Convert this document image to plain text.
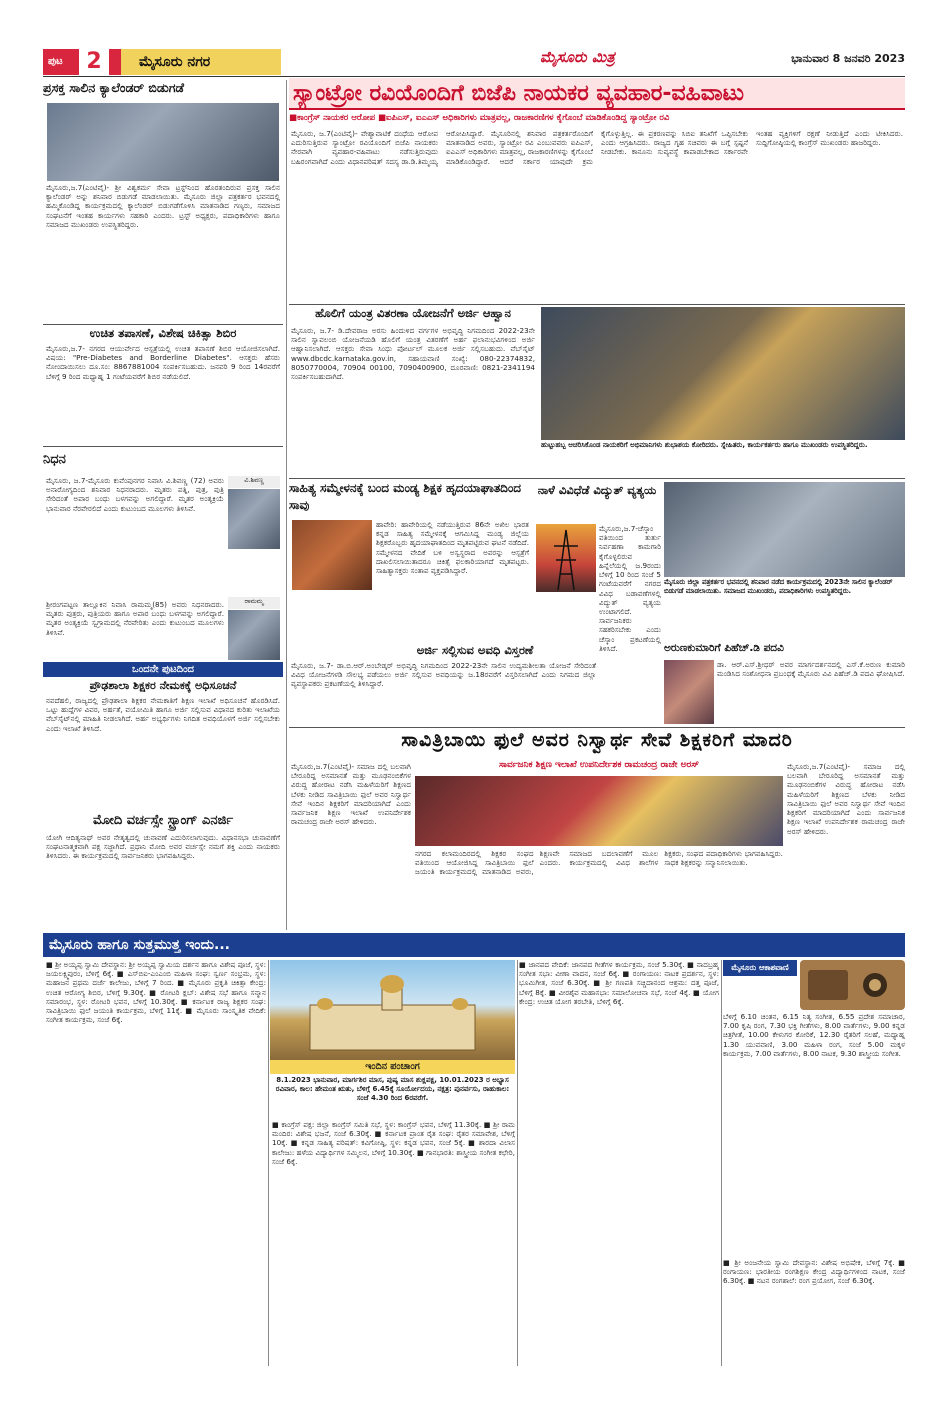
ಪುಟ	2	ಮೈಸೂರು ನಗರ	ಮೈಸೂರು ಮಿತ್ರ	ಭಾನುವಾರ 8 ಜನವರಿ 2023
ಪ್ರಸಕ್ತ ಸಾಲಿನ ಕ್ಯಾಲೆಂಡರ್ ಬಿಡುಗಡೆ
ಮೈಸೂರು,ಜ.7(ಎಂಟಿವೈ)- ಶ್ರೀ ವಿಶ್ವಕರ್ಮ ಸೇವಾ ಟ್ರಸ್ಟ್‌ನಿಂದ ಹೊರತಂದಿರುವ ಪ್ರಸಕ್ತ ಸಾಲಿನ ಕ್ಯಾಲೆಂಡರ್ ಅನ್ನು ಶನಿವಾರ ಬಿಡುಗಡೆ ಮಾಡಲಾಯಿತು. ಮೈಸೂರು ಜಿಲ್ಲಾ ಪತ್ರಕರ್ತರ ಭವನದಲ್ಲಿ ಹಮ್ಮಿಕೊಂಡಿದ್ದ ಕಾರ್ಯಕ್ರಮದಲ್ಲಿ ಕ್ಯಾಲೆಂಡರ್ ಬಿಡುಗಡೆಗೊಳಿಸಿ ಮಾತನಾಡಿದ ಗಣ್ಯರು, ಸಮಾಜದ ಸಂಘಟನೆಗೆ ಇಂತಹ ಕಾರ್ಯಗಳು ಸಹಕಾರಿ ಎಂದರು. ಟ್ರಸ್ಟ್ ಅಧ್ಯಕ್ಷರು, ಪದಾಧಿಕಾರಿಗಳು ಹಾಗೂ ಸಮಾಜದ ಮುಖಂಡರು ಉಪಸ್ಥಿತರಿದ್ದರು.
ಉಚಿತ ತಪಾಸಣೆ, ವಿಶೇಷ ಚಿಕಿತ್ಸಾ ಶಿಬಿರ
ಮೈಸೂರು,ಜ.7- ನಗರದ ಆಯುರ್ವೇದ ಆಸ್ಪತ್ರೆಯಲ್ಲಿ ಉಚಿತ ತಪಾಸಣೆ ಶಿಬಿರ ಆಯೋಜಿಸಲಾಗಿದೆ. ವಿಷಯ: "Pre-Diabetes and Borderline Diabetes". ಆಸಕ್ತರು ಹೆಸರು ನೋಂದಾಯಿಸಲು ದೂ.ಸಂ: 8867881004 ಸಂಪರ್ಕಿಸಬಹುದು. ಜನವರಿ 9 ರಿಂದ 14ರವರೆಗೆ ಬೆಳಿಗ್ಗೆ 9 ರಿಂದ ಮಧ್ಯಾಹ್ನ 1 ಗಂಟೆಯವರೆಗೆ ಶಿಬಿರ ನಡೆಯಲಿದೆ.
ನಿಧನ
ವಿ.ಶಿವಣ್ಣ
ಮೈಸೂರು, ಜ.7-ಮೈಸೂರು ಕುವೆಂಪುನಗರ ನಿವಾಸಿ ವಿ.ಶಿವಣ್ಣ (72) ಅವರು ಅನಾರೋಗ್ಯದಿಂದ ಶನಿವಾರ ನಿಧನರಾದರು. ಮೃತರು ಪತ್ನಿ, ಪುತ್ರ, ಪುತ್ರಿ ಸೇರಿದಂತೆ ಅಪಾರ ಬಂಧು ಬಳಗವನ್ನು ಅಗಲಿದ್ದಾರೆ. ಮೃತರ ಅಂತ್ಯಕ್ರಿಯೆ ಭಾನುವಾರ ನೆರವೇರಲಿದೆ ಎಂದು ಕುಟುಂಬದ ಮೂಲಗಳು ತಿಳಿಸಿವೆ.
ರಾಮಮ್ಮ
ಶ್ರೀರಂಗಪಟ್ಟಣ ತಾಲ್ಲೂಕಿನ ನಿವಾಸಿ ರಾಮಮ್ಮ(85) ಅವರು ನಿಧನರಾದರು. ಮೃತರು ಪುತ್ರರು, ಪುತ್ರಿಯರು ಹಾಗೂ ಅಪಾರ ಬಂಧು ಬಳಗವನ್ನು ಅಗಲಿದ್ದಾರೆ. ಮೃತರ ಅಂತ್ಯಕ್ರಿಯೆ ಸ್ವಗ್ರಾಮದಲ್ಲಿ ನೆರವೇರಿತು ಎಂದು ಕುಟುಂಬದ ಮೂಲಗಳು ತಿಳಿಸಿವೆ.
ಒಂದನೇ ಪುಟದಿಂದ
ಪ್ರೌಢಶಾಲಾ ಶಿಕ್ಷಕರ ನೇಮಕಕ್ಕೆ ಅಧಿಸೂಚನೆ
ನವದೆಹಲಿ, ರಾಜ್ಯದಲ್ಲಿ ಪ್ರೌಢಶಾಲಾ ಶಿಕ್ಷಕರ ನೇಮಕಾತಿಗೆ ಶಿಕ್ಷಣ ಇಲಾಖೆ ಅಧಿಸೂಚನೆ ಹೊರಡಿಸಿದೆ. ಒಟ್ಟು ಹುದ್ದೆಗಳ ವಿವರ, ಅರ್ಹತೆ, ವಯೋಮಿತಿ ಹಾಗೂ ಅರ್ಜಿ ಸಲ್ಲಿಸುವ ವಿಧಾನದ ಕುರಿತು ಇಲಾಖೆಯ ವೆಬ್‌ಸೈಟ್‌ನಲ್ಲಿ ಮಾಹಿತಿ ನೀಡಲಾಗಿದೆ. ಅರ್ಹ ಅಭ್ಯರ್ಥಿಗಳು ನಿಗದಿತ ಅವಧಿಯೊಳಗೆ ಅರ್ಜಿ ಸಲ್ಲಿಸಬೇಕು ಎಂದು ಇಲಾಖೆ ತಿಳಿಸಿದೆ.
ಮೋದಿ ವರ್ಚಸ್ಸೇ ಸ್ಟ್ರಾಂಗ್ ಎನರ್ಜಿ
ಯೋಗಿ ಆದಿತ್ಯನಾಥ್ ಅವರ ನೇತೃತ್ವದಲ್ಲಿ ಚುನಾವಣೆ ಎದುರಿಸಲಾಗುವುದು. ವಿಧಾನಸಭಾ ಚುನಾವಣೆಗೆ ಸಂಘಟನಾತ್ಮಕವಾಗಿ ಪಕ್ಷ ಸಜ್ಜಾಗಿದೆ. ಪ್ರಧಾನಿ ಮೋದಿ ಅವರ ವರ್ಚಸ್ಸೇ ನಮಗೆ ಶಕ್ತಿ ಎಂದು ನಾಯಕರು ತಿಳಿಸಿದರು. ಈ ಕಾರ್ಯಕ್ರಮದಲ್ಲಿ ಸಾರ್ವಜನಿಕರು ಭಾಗವಹಿಸಿದ್ದರು.
ಸ್ಯಾಂಟ್ರೋ ರವಿಯೊಂದಿಗೆ ಬಿಜೆಪಿ ನಾಯಕರ ವ್ಯವಹಾರ-ವಹಿವಾಟು
■ಕಾಂಗ್ರೆಸ್ ನಾಯಕರ ಆರೋಪ ■ಐಪಿಎಸ್, ಐಎಎಸ್ ಅಧಿಕಾರಿಗಳು ಮಾತ್ರವಲ್ಲ, ರಾಜಕಾರಣಿಗಳ ಕೈಗೊಂಬೆ ಮಾಡಿಕೊಂಡಿದ್ದ ಸ್ಯಾಂಟ್ರೋ ರವಿ
ಮೈಸೂರು, ಜ.7(ಎಂಟಿವೈ)- ವೇಶ್ಯಾವಾಟಿಕೆ ದಂಧೆಯ ಆರೋಪ ಎದುರಿಸುತ್ತಿರುವ ಸ್ಯಾಂಟ್ರೋ ರವಿಯೊಂದಿಗೆ ಬಿಜೆಪಿ ನಾಯಕರು ನೇರವಾಗಿ ವ್ಯವಹಾರ-ವಹಿವಾಟು ನಡೆಸುತ್ತಿರುವುದು ಬಹಿರಂಗವಾಗಿದೆ ಎಂದು ವಿಧಾನಪರಿಷತ್ ಸದಸ್ಯ ಡಾ.ಡಿ.ತಿಮ್ಮಯ್ಯ ಆರೋಪಿಸಿದ್ದಾರೆ. ಮೈಸೂರಿನಲ್ಲಿ ಶನಿವಾರ ಪತ್ರಕರ್ತರೊಂದಿಗೆ ಮಾತನಾಡಿದ ಅವರು, ಸ್ಯಾಂಟ್ರೋ ರವಿ ಎಂಬುವವರು ಐಪಿಎಸ್, ಐಎಎಸ್ ಅಧಿಕಾರಿಗಳು ಮಾತ್ರವಲ್ಲ, ರಾಜಕಾರಣಿಗಳನ್ನು ಕೈಗೊಂಬೆ ಮಾಡಿಕೊಂಡಿದ್ದಾರೆ. ಆದರೆ ಸರ್ಕಾರ ಯಾವುದೇ ಕ್ರಮ ಕೈಗೊಳ್ಳುತ್ತಿಲ್ಲ. ಈ ಪ್ರಕರಣವನ್ನು ಸಿಬಿಐ ತನಿಖೆಗೆ ಒಪ್ಪಿಸಬೇಕು ಎಂದು ಆಗ್ರಹಿಸಿದರು. ರಾಜ್ಯದ ಗೃಹ ಸಚಿವರು ಈ ಬಗ್ಗೆ ಸ್ಪಷ್ಟನೆ ನೀಡಬೇಕು. ಕಾನೂನು ಸುವ್ಯವಸ್ಥೆ ಕಾಪಾಡಬೇಕಾದ ಸರ್ಕಾರವೇ ಇಂತಹ ವ್ಯಕ್ತಿಗಳಿಗೆ ರಕ್ಷಣೆ ನೀಡುತ್ತಿದೆ ಎಂದು ಟೀಕಿಸಿದರು. ಸುದ್ದಿಗೋಷ್ಠಿಯಲ್ಲಿ ಕಾಂಗ್ರೆಸ್ ಮುಖಂಡರು ಹಾಜರಿದ್ದರು.
ಹೊಲಿಗೆ ಯಂತ್ರ ವಿತರಣಾ ಯೋಜನೆಗೆ ಅರ್ಜಿ ಆಹ್ವಾನ
ಮೈಸೂರು, ಜ.7- ಡಿ.ದೇವರಾಜ ಅರಸು ಹಿಂದುಳಿದ ವರ್ಗಗಳ ಅಭಿವೃದ್ಧಿ ನಿಗಮದಿಂದ 2022-23ನೇ ಸಾಲಿನ ಸ್ವಾವಲಂಬಿ ಯೋಜನೆಯಡಿ ಹೊಲಿಗೆ ಯಂತ್ರ ವಿತರಣೆಗೆ ಅರ್ಹ ಫಲಾನುಭವಿಗಳಿಂದ ಅರ್ಜಿ ಆಹ್ವಾನಿಸಲಾಗಿದೆ. ಆಸಕ್ತರು ಸೇವಾ ಸಿಂಧು ಪೋರ್ಟಲ್ ಮೂಲಕ ಅರ್ಜಿ ಸಲ್ಲಿಸಬಹುದು. ವೆಬ್‌ಸೈಟ್ www.dbcdc.karnataka.gov.in, ಸಹಾಯವಾಣಿ ಸಂಖ್ಯೆ: 080-22374832, 8050770004, 70904 00100, 7090400900, ದೂರವಾಣಿ: 0821-2341194 ಸಂಪರ್ಕಿಸಬಹುದಾಗಿದೆ.
ಹುಟ್ಟುಹಬ್ಬ ಆಚರಿಸಿಕೊಂಡ ನಾಯಕರಿಗೆ ಅಭಿಮಾನಿಗಳು ಶುಭಾಶಯ ಕೋರಿದರು. ಸ್ನೇಹಿತರು, ಕಾರ್ಯಕರ್ತರು ಹಾಗೂ ಮುಖಂಡರು ಉಪಸ್ಥಿತರಿದ್ದರು.
ಸಾಹಿತ್ಯ ಸಮ್ಮೇಳನಕ್ಕೆ ಬಂದ ಮಂಡ್ಯ ಶಿಕ್ಷಕ ಹೃದಯಾಘಾತದಿಂದ ಸಾವು
ಹಾವೇರಿ: ಹಾವೇರಿಯಲ್ಲಿ ನಡೆಯುತ್ತಿರುವ 86ನೇ ಅಖಿಲ ಭಾರತ ಕನ್ನಡ ಸಾಹಿತ್ಯ ಸಮ್ಮೇಳನಕ್ಕೆ ಆಗಮಿಸಿದ್ದ ಮಂಡ್ಯ ಜಿಲ್ಲೆಯ ಶಿಕ್ಷಕರೊಬ್ಬರು ಹೃದಯಾಘಾತದಿಂದ ಮೃತಪಟ್ಟಿರುವ ಘಟನೆ ನಡೆದಿದೆ. ಸಮ್ಮೇಳನದ ವೇದಿಕೆ ಬಳಿ ಅಸ್ವಸ್ಥರಾದ ಅವರನ್ನು ಆಸ್ಪತ್ರೆಗೆ ದಾಖಲಿಸಲಾಯಿತಾದರೂ ಚಿಕಿತ್ಸೆ ಫಲಕಾರಿಯಾಗದೆ ಮೃತಪಟ್ಟರು. ಸಾಹಿತ್ಯಾಸಕ್ತರು ಸಂತಾಪ ವ್ಯಕ್ತಪಡಿಸಿದ್ದಾರೆ.
ನಾಳೆ ವಿವಿಧೆಡೆ ವಿದ್ಯುತ್ ವ್ಯತ್ಯಯ
ಮೈಸೂರು,ಜ.7-ಚೆಸ್ಕಾಂ ವತಿಯಿಂದ ತುರ್ತು ನಿರ್ವಹಣಾ ಕಾಮಗಾರಿ ಕೈಗೊಳ್ಳಲಿರುವ ಹಿನ್ನೆಲೆಯಲ್ಲಿ ಜ.9ರಂದು ಬೆಳಿಗ್ಗೆ 10 ರಿಂದ ಸಂಜೆ 5 ಗಂಟೆಯವರೆಗೆ ನಗರದ ವಿವಿಧ ಬಡಾವಣೆಗಳಲ್ಲಿ ವಿದ್ಯುತ್ ವ್ಯತ್ಯಯ ಉಂಟಾಗಲಿದೆ. ಸಾರ್ವಜನಿಕರು ಸಹಕರಿಸಬೇಕು ಎಂದು ಚೆಸ್ಕಾಂ ಪ್ರಕಟಣೆಯಲ್ಲಿ ತಿಳಿಸಿದೆ.
ಮೈಸೂರು ಜಿಲ್ಲಾ ಪತ್ರಕರ್ತರ ಭವನದಲ್ಲಿ ಶನಿವಾರ ನಡೆದ ಕಾರ್ಯಕ್ರಮದಲ್ಲಿ 2023ನೇ ಸಾಲಿನ ಕ್ಯಾಲೆಂಡರ್ ಬಿಡುಗಡೆ ಮಾಡಲಾಯಿತು. ಸಮಾಜದ ಮುಖಂಡರು, ಪದಾಧಿಕಾರಿಗಳು ಉಪಸ್ಥಿತರಿದ್ದರು.
ಅರ್ಜಿ ಸಲ್ಲಿಸುವ ಅವಧಿ ವಿಸ್ತರಣೆ
ಮೈಸೂರು, ಜ.7- ಡಾ.ಬಿ.ಆರ್.ಅಂಬೇಡ್ಕರ್ ಅಭಿವೃದ್ಧಿ ನಿಗಮದಿಂದ 2022-23ನೇ ಸಾಲಿನ ಉದ್ಯಮಶೀಲತಾ ಯೋಜನೆ ಸೇರಿದಂತೆ ವಿವಿಧ ಯೋಜನೆಗಳಡಿ ಸೌಲಭ್ಯ ಪಡೆಯಲು ಅರ್ಜಿ ಸಲ್ಲಿಸುವ ಅವಧಿಯನ್ನು ಜ.18ರವರೆಗೆ ವಿಸ್ತರಿಸಲಾಗಿದೆ ಎಂದು ನಿಗಮದ ಜಿಲ್ಲಾ ವ್ಯವಸ್ಥಾಪಕರು ಪ್ರಕಟಣೆಯಲ್ಲಿ ತಿಳಿಸಿದ್ದಾರೆ.
ಅರುಣಕುಮಾರಿಗೆ ಪಿಹೆಚ್.ಡಿ ಪದವಿ
ಡಾ. ಆರ್.ಎಸ್.ಶ್ರೀಧರ್ ಅವರ ಮಾರ್ಗದರ್ಶನದಲ್ಲಿ ಎಸ್.ಕೆ.ಅರುಣ ಕುಮಾರಿ ಮಂಡಿಸಿದ ಸಂಶೋಧನಾ ಪ್ರಬಂಧಕ್ಕೆ ಮೈಸೂರು ವಿವಿ ಪಿಹೆಚ್.ಡಿ ಪದವಿ ಘೋಷಿಸಿದೆ.
ಸಾವಿತ್ರಿಬಾಯಿ ಫುಲೆ ಅವರ ನಿಸ್ವಾರ್ಥ ಸೇವೆ ಶಿಕ್ಷಕರಿಗೆ ಮಾದರಿ
ಮೈಸೂರು,ಜ.7(ಎಂಟಿವೈ)- ಸಮಾಜ ದಲ್ಲಿ ಬಲವಾಗಿ ಬೇರೂರಿದ್ದ ಅಸಮಾನತೆ ಮತ್ತು ಮೂಢನಂಬಿಕೆಗಳ ವಿರುದ್ಧ ಹೋರಾಟ ನಡೆಸಿ ಮಹಿಳೆಯರಿಗೆ ಶಿಕ್ಷಣದ ಬೆಳಕು ನೀಡಿದ ಸಾವಿತ್ರಿಬಾಯಿ ಫುಲೆ ಅವರ ನಿಸ್ವಾರ್ಥ ಸೇವೆ ಇಂದಿನ ಶಿಕ್ಷಕರಿಗೆ ಮಾದರಿಯಾಗಿದೆ ಎಂದು ಸಾರ್ವಜನಿಕ ಶಿಕ್ಷಣ ಇಲಾಖೆ ಉಪನಿರ್ದೇಶಕ ರಾಮಚಂದ್ರ ರಾಜೇ ಅರಸ್ ಹೇಳಿದರು.
ಸಾರ್ವಜನಿಕ ಶಿಕ್ಷಣ ಇಲಾಖೆ ಉಪನಿರ್ದೇಶಕ ರಾಮಚಂದ್ರ ರಾಜೇ ಅರಸ್
ನಗರದ ಕಲಾಮಂದಿರದಲ್ಲಿ ಶಿಕ್ಷಕರ ಸಂಘದ ವತಿಯಿಂದ ಆಯೋಜಿಸಿದ್ದ ಸಾವಿತ್ರಿಬಾಯಿ ಫುಲೆ ಜಯಂತಿ ಕಾರ್ಯಕ್ರಮದಲ್ಲಿ ಮಾತನಾಡಿದ ಅವರು, ಶಿಕ್ಷಣವೇ ಸಮಾಜದ ಬದಲಾವಣೆಗೆ ಮೂಲ ಎಂದರು. ಕಾರ್ಯಕ್ರಮದಲ್ಲಿ ವಿವಿಧ ಶಾಲೆಗಳ ಶಿಕ್ಷಕರು, ಸಂಘದ ಪದಾಧಿಕಾರಿಗಳು ಭಾಗವಹಿಸಿದ್ದರು. ಸಾಧಕ ಶಿಕ್ಷಕರನ್ನು ಸನ್ಮಾನಿಸಲಾಯಿತು.
ಮೈಸೂರು,ಜ.7(ಎಂಟಿವೈ)- ಸಮಾಜ ದಲ್ಲಿ ಬಲವಾಗಿ ಬೇರೂರಿದ್ದ ಅಸಮಾನತೆ ಮತ್ತು ಮೂಢನಂಬಿಕೆಗಳ ವಿರುದ್ಧ ಹೋರಾಟ ನಡೆಸಿ ಮಹಿಳೆಯರಿಗೆ ಶಿಕ್ಷಣದ ಬೆಳಕು ನೀಡಿದ ಸಾವಿತ್ರಿಬಾಯಿ ಫುಲೆ ಅವರ ನಿಸ್ವಾರ್ಥ ಸೇವೆ ಇಂದಿನ ಶಿಕ್ಷಕರಿಗೆ ಮಾದರಿಯಾಗಿದೆ ಎಂದು ಸಾರ್ವಜನಿಕ ಶಿಕ್ಷಣ ಇಲಾಖೆ ಉಪನಿರ್ದೇಶಕ ರಾಮಚಂದ್ರ ರಾಜೇ ಅರಸ್ ಹೇಳಿದರು.
ಮೈಸೂರು ಹಾಗೂ ಸುತ್ತಮುತ್ತ ಇಂದು...
■ ಶ್ರೀ ಅಯ್ಯಪ್ಪ ಸ್ವಾಮಿ ದೇವಸ್ಥಾನ: ಶ್ರೀ ಅಯ್ಯಪ್ಪ ಸ್ವಾಮಿಯ ದರ್ಶನ ಹಾಗೂ ವಿಶೇಷ ಪೂಜೆ, ಸ್ಥಳ: ಜಯಲಕ್ಷ್ಮಿಪುರಂ, ಬೆಳಿಗ್ಗೆ 6ಕ್ಕೆ. ■ ಎಸ್‌ಬಿಐ-ಎಂಎಂಬಿ ಮಹಿಳಾ ಸಂಘ: ಸ್ವರ್ಣ ಸಂಭ್ರಮ, ಸ್ಥಳ: ಮಹಾಜನ ಪ್ರಥಮ ದರ್ಜೆ ಕಾಲೇಜು, ಬೆಳಿಗ್ಗೆ 7 ರಿಂದ. ■ ಮೈಸೂರು ಪ್ರಕೃತಿ ಚಿಕಿತ್ಸಾ ಕೇಂದ್ರ: ಉಚಿತ ಆರೋಗ್ಯ ಶಿಬಿರ, ಬೆಳಿಗ್ಗೆ 9.30ಕ್ಕೆ. ■ ರೋಟರಿ ಕ್ಲಬ್: ವಿಶೇಷ ಸಭೆ ಹಾಗೂ ಸನ್ಮಾನ ಸಮಾರಂಭ, ಸ್ಥಳ: ರೋಟರಿ ಭವನ, ಬೆಳಿಗ್ಗೆ 10.30ಕ್ಕೆ. ■ ಕರ್ನಾಟಕ ರಾಜ್ಯ ಶಿಕ್ಷಕರ ಸಂಘ: ಸಾವಿತ್ರಿಬಾಯಿ ಫುಲೆ ಜಯಂತಿ ಕಾರ್ಯಕ್ರಮ, ಬೆಳಿಗ್ಗೆ 11ಕ್ಕೆ. ■ ಮೈಸೂರು ಸಾಂಸ್ಕೃತಿಕ ವೇದಿಕೆ: ಸಂಗೀತ ಕಾರ್ಯಕ್ರಮ, ಸಂಜೆ 6ಕ್ಕೆ.
ಇಂದಿನ ಪಂಚಾಂಗ
8.1.2023 ಭಾನುವಾರ, ಮಾರ್ಗಶಿರ ಮಾಸ, ಪುಷ್ಯ ಮಾಸ ಶುಕ್ಲಪಕ್ಷ, 10.01.2023 ರ ಅಭ್ಯಾಸ ರವಿವಾರ, ಕಾಲ: ಹೇಮಂತ ಋತು, ಬೆಳಿಗ್ಗೆ 6.45ಕ್ಕೆ ಸೂರ್ಯೋದಯ, ನಕ್ಷತ್ರ: ಪುನರ್ವಸು, ರಾಹುಕಾಲ: ಸಂಜೆ 4.30 ರಿಂದ 6ರವರೆಗೆ.
■ ಕಾಂಗ್ರೆಸ್ ಪಕ್ಷ: ಜಿಲ್ಲಾ ಕಾಂಗ್ರೆಸ್ ಸಮಿತಿ ಸಭೆ, ಸ್ಥಳ: ಕಾಂಗ್ರೆಸ್ ಭವನ, ಬೆಳಿಗ್ಗೆ 11.30ಕ್ಕೆ. ■ ಶ್ರೀ ರಾಮ ಮಂದಿರ: ವಿಶೇಷ ಭಜನೆ, ಸಂಜೆ 6.30ಕ್ಕೆ. ■ ಕರ್ನಾಟಕ ಪ್ರಾಂತ ರೈತ ಸಂಘ: ರೈತರ ಸಮಾವೇಶ, ಬೆಳಿಗ್ಗೆ 10ಕ್ಕೆ. ■ ಕನ್ನಡ ಸಾಹಿತ್ಯ ಪರಿಷತ್: ಕವಿಗೋಷ್ಠಿ, ಸ್ಥಳ: ಕನ್ನಡ ಭವನ, ಸಂಜೆ 5ಕ್ಕೆ. ■ ಶಾರದಾ ವಿಲಾಸ ಕಾಲೇಜು: ಹಳೆಯ ವಿದ್ಯಾರ್ಥಿಗಳ ಸಮ್ಮಿಲನ, ಬೆಳಿಗ್ಗೆ 10.30ಕ್ಕೆ. ■ ಗಾನಭಾರತಿ: ಶಾಸ್ತ್ರೀಯ ಸಂಗೀತ ಕಛೇರಿ, ಸಂಜೆ 6ಕ್ಕೆ.
■ ಜಾನಪದ ವೇದಿಕೆ: ಜಾನಪದ ಗೀತೆಗಳ ಕಾರ್ಯಕ್ರಮ, ಸಂಜೆ 5.30ಕ್ಕೆ. ■ ನಾದಬ್ರಹ್ಮ ಸಂಗೀತ ಸಭಾ: ವೀಣಾ ವಾದನ, ಸಂಜೆ 6ಕ್ಕೆ. ■ ರಂಗಾಯಣ: ನಾಟಕ ಪ್ರದರ್ಶನ, ಸ್ಥಳ: ಭೂಮಿಗೀತ, ಸಂಜೆ 6.30ಕ್ಕೆ. ■ ಶ್ರೀ ಗಣಪತಿ ಸಚ್ಚಿದಾನಂದ ಆಶ್ರಮ: ದತ್ತ ಪೂಜೆ, ಬೆಳಿಗ್ಗೆ 8ಕ್ಕೆ. ■ ವೀರಶೈವ ಮಹಾಸಭಾ: ಸಮಾಲೋಚನಾ ಸಭೆ, ಸಂಜೆ 4ಕ್ಕೆ. ■ ಯೋಗ ಕೇಂದ್ರ: ಉಚಿತ ಯೋಗ ತರಬೇತಿ, ಬೆಳಿಗ್ಗೆ 6ಕ್ಕೆ.
ಮೈಸೂರು ಆಕಾಶವಾಣಿ
ಬೆಳಿಗ್ಗೆ 6.10 ಚಿಂತನ, 6.15 ನಿತ್ಯ ಸಂಗೀತ, 6.55 ಪ್ರದೇಶ ಸಮಾಚಾರ, 7.00 ಕೃಷಿ ರಂಗ, 7.30 ಭಕ್ತಿ ಗೀತೆಗಳು, 8.00 ವಾರ್ತೆಗಳು, 9.00 ಕನ್ನಡ ಚಿತ್ರಗೀತೆ, 10.00 ಕೇಳುಗರ ಕೋರಿಕೆ, 12.30 ರೈತರಿಗೆ ಸಲಹೆ, ಮಧ್ಯಾಹ್ನ 1.30 ಯುವವಾಣಿ, 3.00 ಮಹಿಳಾ ರಂಗ, ಸಂಜೆ 5.00 ಮಕ್ಕಳ ಕಾರ್ಯಕ್ರಮ, 7.00 ವಾರ್ತೆಗಳು, 8.00 ನಾಟಕ, 9.30 ಶಾಸ್ತ್ರೀಯ ಸಂಗೀತ.
■ ಶ್ರೀ ಅಂಜನೇಯ ಸ್ವಾಮಿ ದೇವಸ್ಥಾನ: ವಿಶೇಷ ಅಭಿಷೇಕ, ಬೆಳಿಗ್ಗೆ 7ಕ್ಕೆ. ■ ರಂಗಾಯಣ: ಭಾರತೀಯ ರಂಗಶಿಕ್ಷಣ ಕೇಂದ್ರ ವಿದ್ಯಾರ್ಥಿಗಳಿಂದ ನಾಟಕ, ಸಂಜೆ 6.30ಕ್ಕೆ. ■ ನಟನ ರಂಗಶಾಲೆ: ರಂಗ ಪ್ರಯೋಗ, ಸಂಜೆ 6.30ಕ್ಕೆ.
